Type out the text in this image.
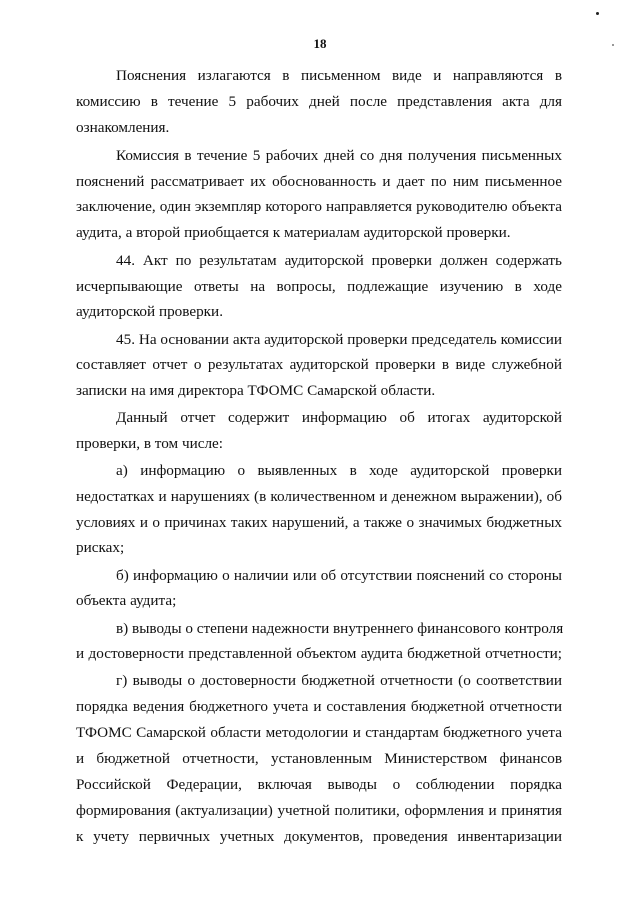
18
Пояснения излагаются в письменном виде и направляются в
комиссию в течение 5 рабочих дней после представления акта для
ознакомления.
Комиссия в течение 5 рабочих дней со дня получения письменных
пояснений рассматривает их обоснованность и дает по ним письменное
заключение, один экземпляр которого направляется руководителю объекта
аудита, а второй приобщается к материалам аудиторской проверки.
44. Акт по результатам аудиторской проверки должен содержать
исчерпывающие ответы на вопросы, подлежащие изучению в ходе
аудиторской проверки.
45. На основании акта аудиторской проверки председатель комиссии
составляет отчет о результатах аудиторской проверки в виде служебной
записки на имя директора ТФОМС Самарской области.
Данный отчет содержит информацию об итогах аудиторской
проверки, в том числе:
а) информацию о выявленных в ходе аудиторской проверки
недостатках и нарушениях (в количественном и денежном выражении), об
условиях и о причинах таких нарушений, а также о значимых бюджетных
рисках;
б) информацию о наличии или об отсутствии пояснений со стороны
объекта аудита;
в) выводы о степени надежности внутреннего финансового контроля
и достоверности представленной объектом аудита бюджетной отчетности;
г) выводы о достоверности бюджетной отчетности (о соответствии
порядка ведения бюджетного учета и составления бюджетной отчетности
ТФОМС Самарской области методологии и стандартам бюджетного учета
и бюджетной отчетности, установленным Министерством финансов
Российской Федерации, включая выводы о соблюдении порядка
формирования (актуализации) учетной политики, оформления и принятия
к учету первичных учетных документов, проведения инвентаризации
